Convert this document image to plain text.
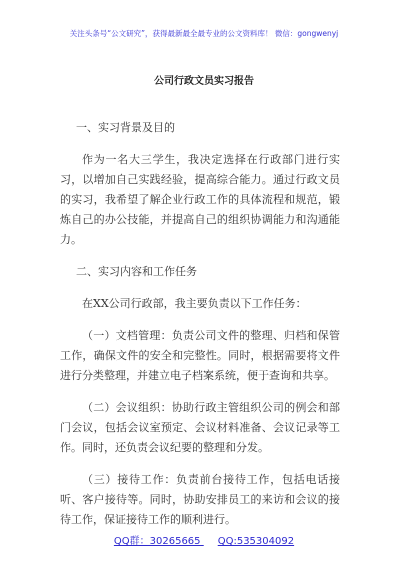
关注头条号“公文研究”，获得最新最全最专业的公文资料库！ 微信：gongwenyj
公司行政文员实习报告

一、实习背景及目的

作为一名大三学生，我决定选择在行政部门进行实习，以增加自己实践经验，提高综合能力。通过行政文员的实习，我希望了解企业行政工作的具体流程和规范，锻炼自己的办公技能，并提高自己的组织协调能力和沟通能力。

二、实习内容和工作任务

在XX公司行政部，我主要负责以下工作任务：

（一）文档管理：负责公司文件的整理、归档和保管工作，确保文件的安全和完整性。同时，根据需要将文件进行分类整理，并建立电子档案系统，便于查询和共享。

（二）会议组织：协助行政主管组织公司的例会和部门会议，包括会议室预定、会议材料准备、会议记录等工作。同时，还负责会议纪要的整理和分发。

（三）接待工作：负责前台接待工作，包括电话接听、客户接待等。同时，协助安排员工的来访和会议的接待工作，保证接待工作的顺利进行。

QQ群：30265665 QQ:535304092
